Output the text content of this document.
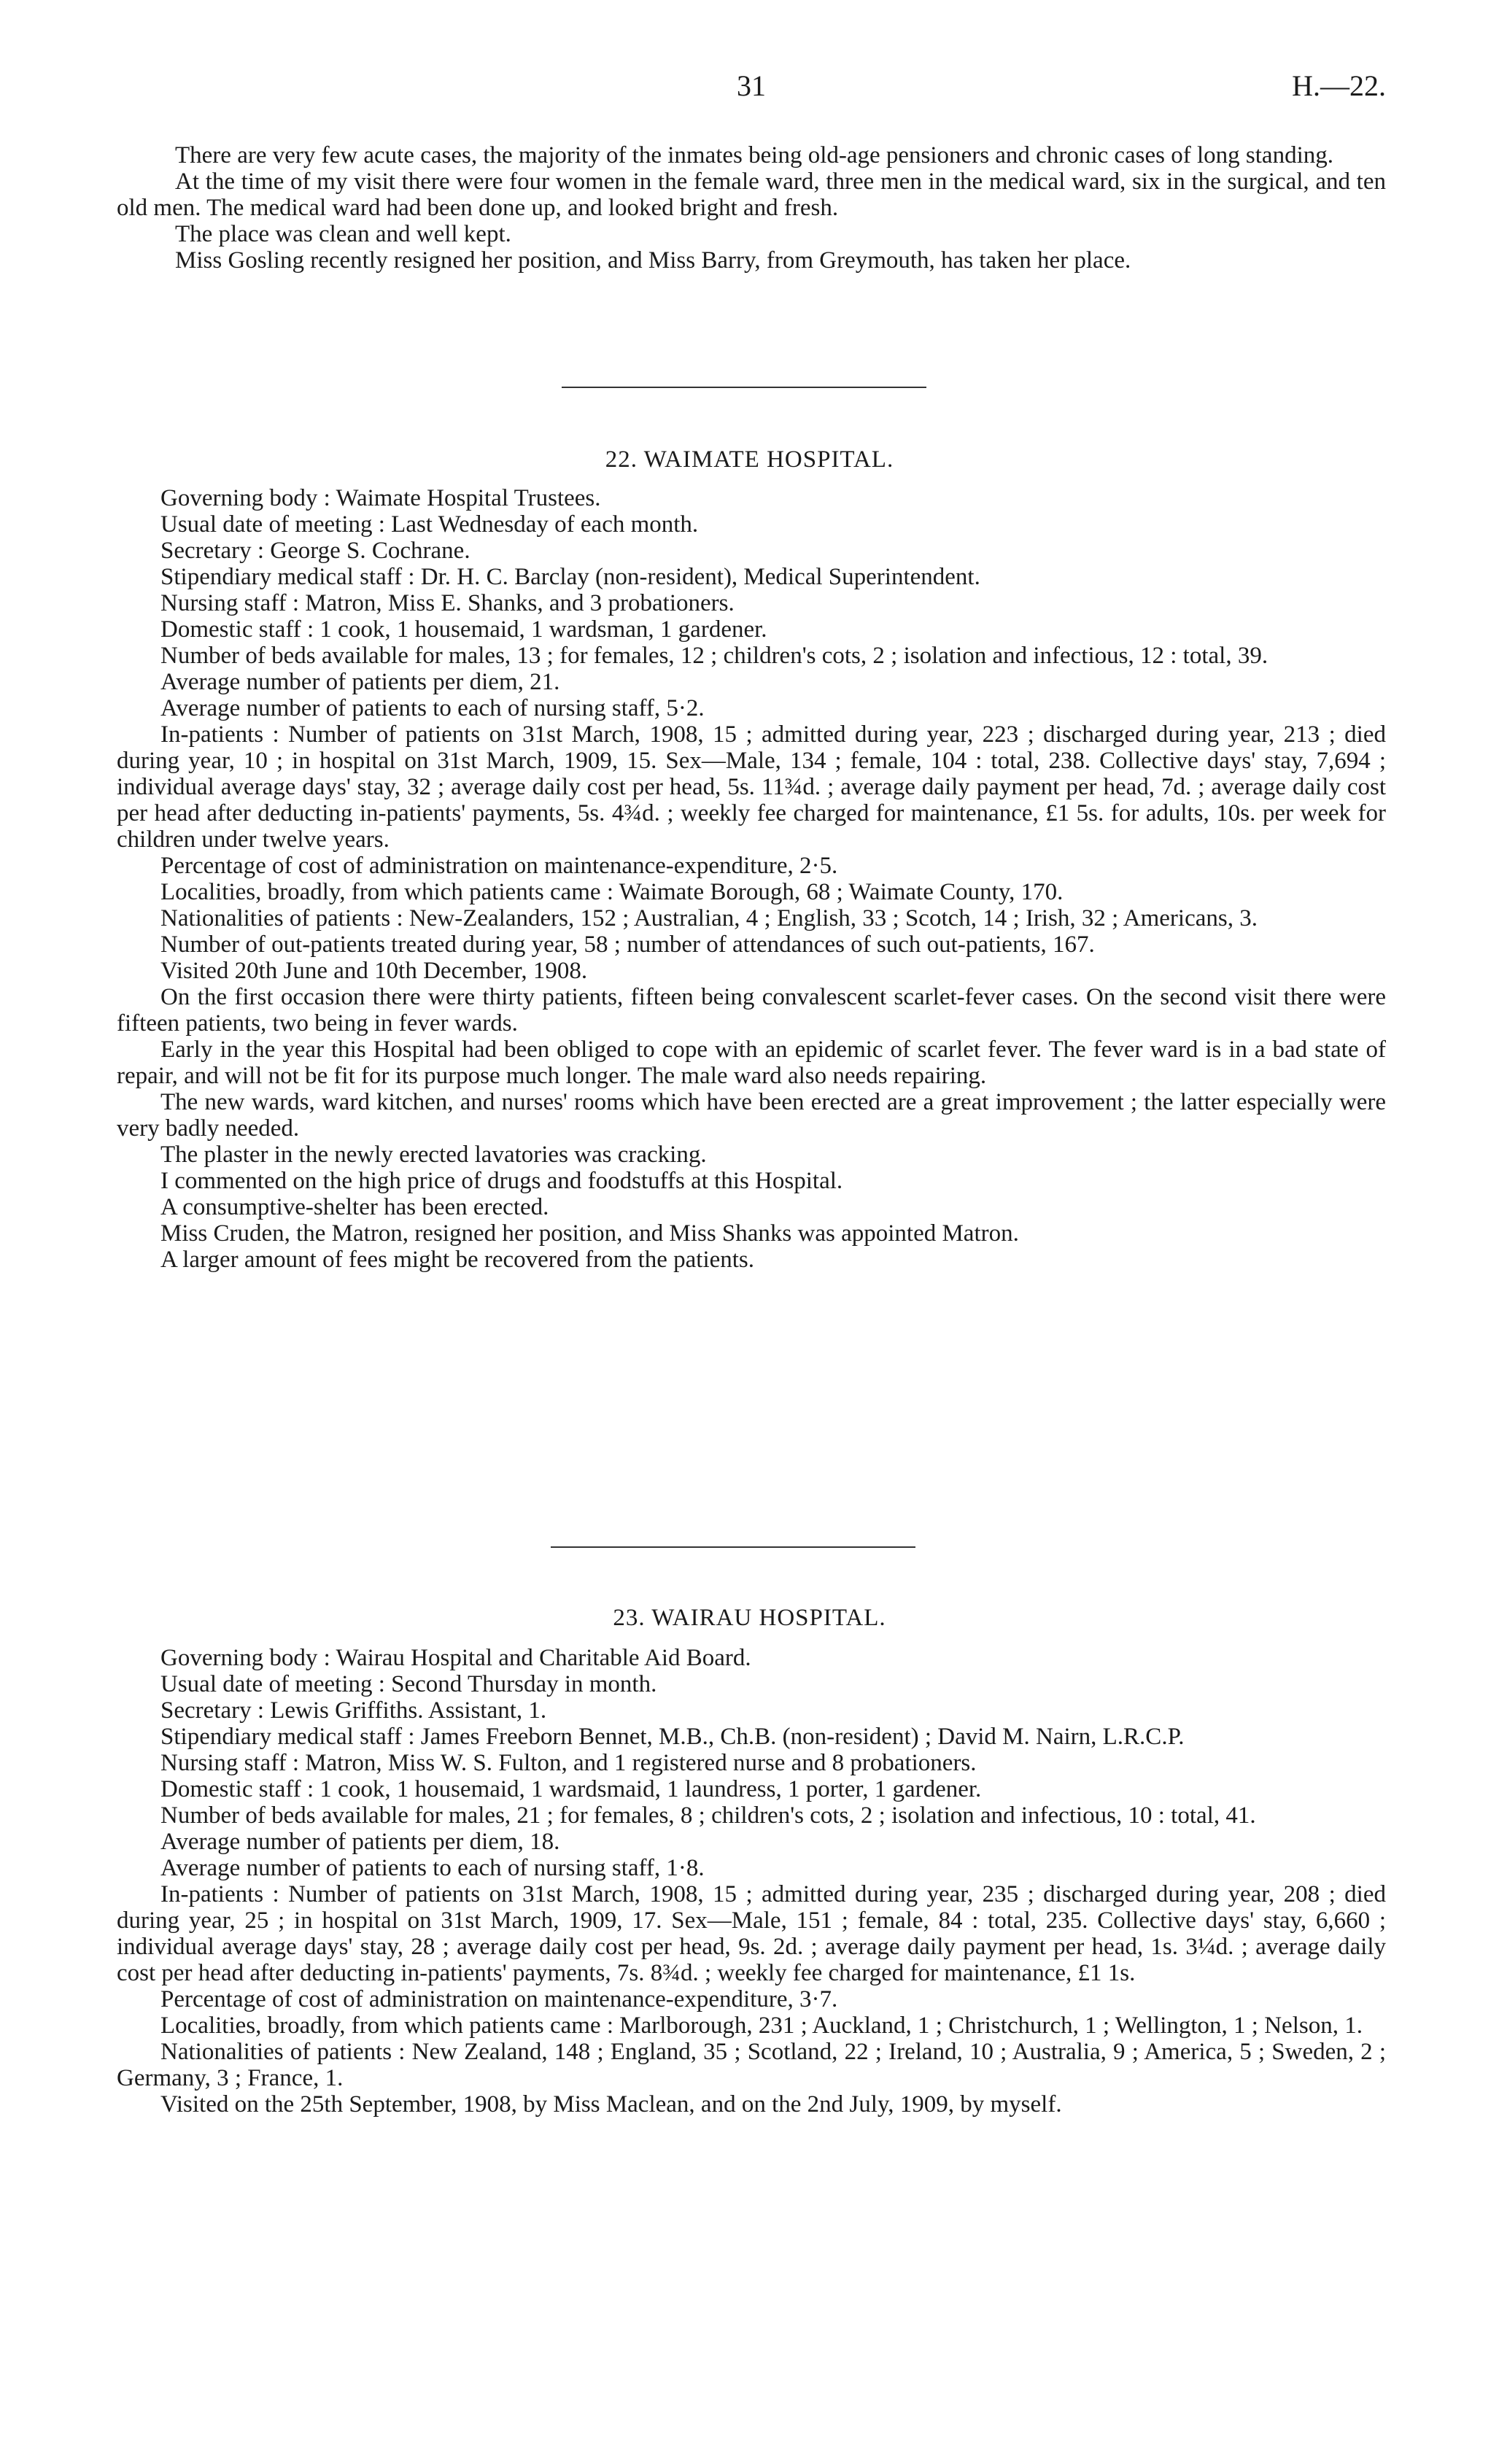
31	H.—22.

There are very few acute cases, the majority of the inmates being old-age pensioners and chronic cases of long standing.

At the time of my visit there were four women in the female ward, three men in the medical ward, six in the surgical, and ten old men. The medical ward had been done up, and looked bright and fresh.

The place was clean and well kept.

Miss Gosling recently resigned her position, and Miss Barry, from Greymouth, has taken her place.

22. WAIMATE HOSPITAL.

Governing body : Waimate Hospital Trustees.

Usual date of meeting : Last Wednesday of each month.

Secretary : George S. Cochrane.

Stipendiary medical staff : Dr. H. C. Barclay (non-resident), Medical Superintendent.

Nursing staff : Matron, Miss E. Shanks, and 3 probationers.

Domestic staff : 1 cook, 1 housemaid, 1 wardsman, 1 gardener.

Number of beds available for males, 13 ; for females, 12 ; children's cots, 2 ; isolation and infectious, 12 : total, 39.

Average number of patients per diem, 21.

Average number of patients to each of nursing staff, 5·2.

In-patients : Number of patients on 31st March, 1908, 15 ; admitted during year, 223 ; discharged during year, 213 ; died during year, 10 ; in hospital on 31st March, 1909, 15. Sex—Male, 134 ; female, 104 : total, 238. Collective days' stay, 7,694 ; individual average days' stay, 32 ; average daily cost per head, 5s. 11¾d. ; average daily payment per head, 7d. ; average daily cost per head after deducting in-patients' payments, 5s. 4¾d. ; weekly fee charged for maintenance, £1 5s. for adults, 10s. per week for children under twelve years.

Percentage of cost of administration on maintenance-expenditure, 2·5.

Localities, broadly, from which patients came : Waimate Borough, 68 ; Waimate County, 170.

Nationalities of patients : New-Zealanders, 152 ; Australian, 4 ; English, 33 ; Scotch, 14 ; Irish, 32 ; Americans, 3.

Number of out-patients treated during year, 58 ; number of attendances of such out-patients, 167.

Visited 20th June and 10th December, 1908.

On the first occasion there were thirty patients, fifteen being convalescent scarlet-fever cases. On the second visit there were fifteen patients, two being in fever wards.

Early in the year this Hospital had been obliged to cope with an epidemic of scarlet fever. The fever ward is in a bad state of repair, and will not be fit for its purpose much longer. The male ward also needs repairing.

The new wards, ward kitchen, and nurses' rooms which have been erected are a great improvement ; the latter especially were very badly needed.

The plaster in the newly erected lavatories was cracking.

I commented on the high price of drugs and foodstuffs at this Hospital.

A consumptive-shelter has been erected.

Miss Cruden, the Matron, resigned her position, and Miss Shanks was appointed Matron.

A larger amount of fees might be recovered from the patients.

23. WAIRAU HOSPITAL.

Governing body : Wairau Hospital and Charitable Aid Board.

Usual date of meeting : Second Thursday in month.

Secretary : Lewis Griffiths. Assistant, 1.

Stipendiary medical staff : James Freeborn Bennet, M.B., Ch.B. (non-resident) ; David M. Nairn, L.R.C.P.

Nursing staff : Matron, Miss W. S. Fulton, and 1 registered nurse and 8 probationers.

Domestic staff : 1 cook, 1 housemaid, 1 wardsmaid, 1 laundress, 1 porter, 1 gardener.

Number of beds available for males, 21 ; for females, 8 ; children's cots, 2 ; isolation and infectious, 10 : total, 41.

Average number of patients per diem, 18.

Average number of patients to each of nursing staff, 1·8.

In-patients : Number of patients on 31st March, 1908, 15 ; admitted during year, 235 ; discharged during year, 208 ; died during year, 25 ; in hospital on 31st March, 1909, 17. Sex—Male, 151 ; female, 84 : total, 235. Collective days' stay, 6,660 ; individual average days' stay, 28 ; average daily cost per head, 9s. 2d. ; average daily payment per head, 1s. 3¼d. ; average daily cost per head after deducting in-patients' payments, 7s. 8¾d. ; weekly fee charged for maintenance, £1 1s.

Percentage of cost of administration on maintenance-expenditure, 3·7.

Localities, broadly, from which patients came : Marlborough, 231 ; Auckland, 1 ; Christchurch, 1 ; Wellington, 1 ; Nelson, 1.

Nationalities of patients : New Zealand, 148 ; England, 35 ; Scotland, 22 ; Ireland, 10 ; Australia, 9 ; America, 5 ; Sweden, 2 ; Germany, 3 ; France, 1.

Visited on the 25th September, 1908, by Miss Maclean, and on the 2nd July, 1909, by myself.
